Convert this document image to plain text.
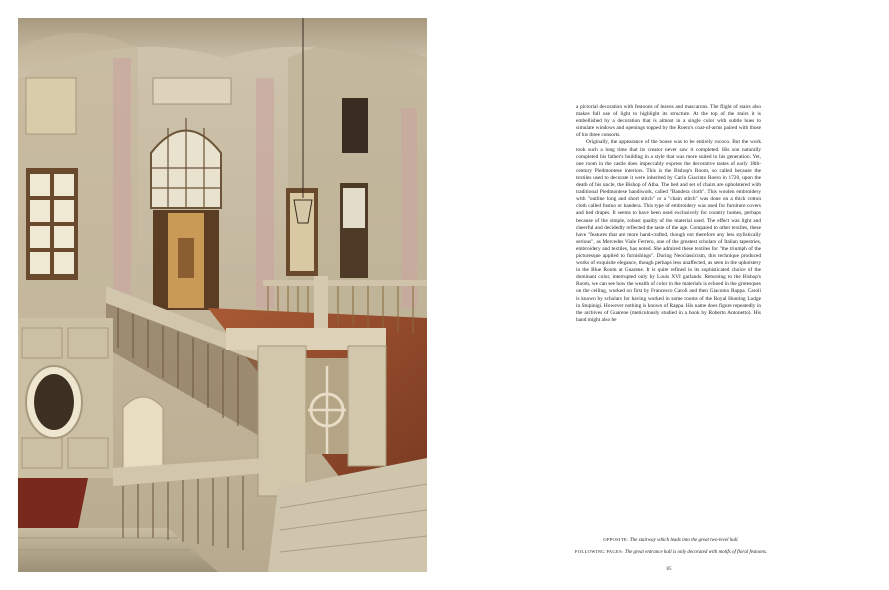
a pictorial decoration with festoons of leaves and mascarons. The flight of stairs also makes full use of light to highlight its structure. At the top of the stairs it is embellished by a decoration that is almost in a single color with subtle hues to simulate windows and openings topped by the Roero's coat-of-arms paired with those of his three consorts.

Originally, the appearance of the house was to be entirely rococo. But the work took such a long time that its creator never saw it completed. His son naturally completed his father's building in a style that was more suited to his generation. Yet, one room in the castle does impeccably express the decorative tastes of early 18th-century Piedmontese interiors. This is the Bishop's Room, so called because the textiles used to decorate it were inherited by Carlo Giacinto Roero in 1720, upon the death of his uncle, the Bishop of Alba. The bed and set of chairs are upholstered with traditional Piedmontese handiwork, called "Bandera cloth". This woolen embroidery with "outline long and short stitch" or a "chain stitch" was done on a thick cotton cloth called fustno or bandera. This type of embroidery was used for furniture covers and bed drapes. It seems to have been used exclusively for country homes, perhaps because of the simple, robust quality of the material used. The effect was light and cheerful and decidedly reflected the taste of the age. Compared to other textiles, these have "features that are more hand-crafted, though not therefore any less stylistically serious", as Mercedes Viale Ferrero, one of the greatest scholars of Italian tapestries, embroidery and textiles, has noted. She admired these textiles for "the triumph of the picturesque applied to furnishings". During Neoclassicism, this technique produced works of exquisite elegance, though perhaps less unaffected, as seen in the upholstery in the Blue Room at Guarene. It is quite refined in its sophisticated choice of the dominant color, interrupted only by Louis XVI garlands. Returning to the Bishop's Room, we can see how the wealth of color in the materials is echoed in the grotesques on the ceiling, worked on first by Francesco Caroli and then Giacomo Rappa. Caroli is known by scholars for having worked in some rooms of the Royal Hunting Lodge in Stupinigi. However nothing is known of Rappa. His name does figure repeatedly in the archives of Guarene (meticulously studied in a book by Roberto Antonetto). His hand might also be

OPPOSITE: The stairway which leads into the great two-level hall.
FOLLOWING PAGES: The great entrance hall is only decorated with motifs of floral festoons.
85
